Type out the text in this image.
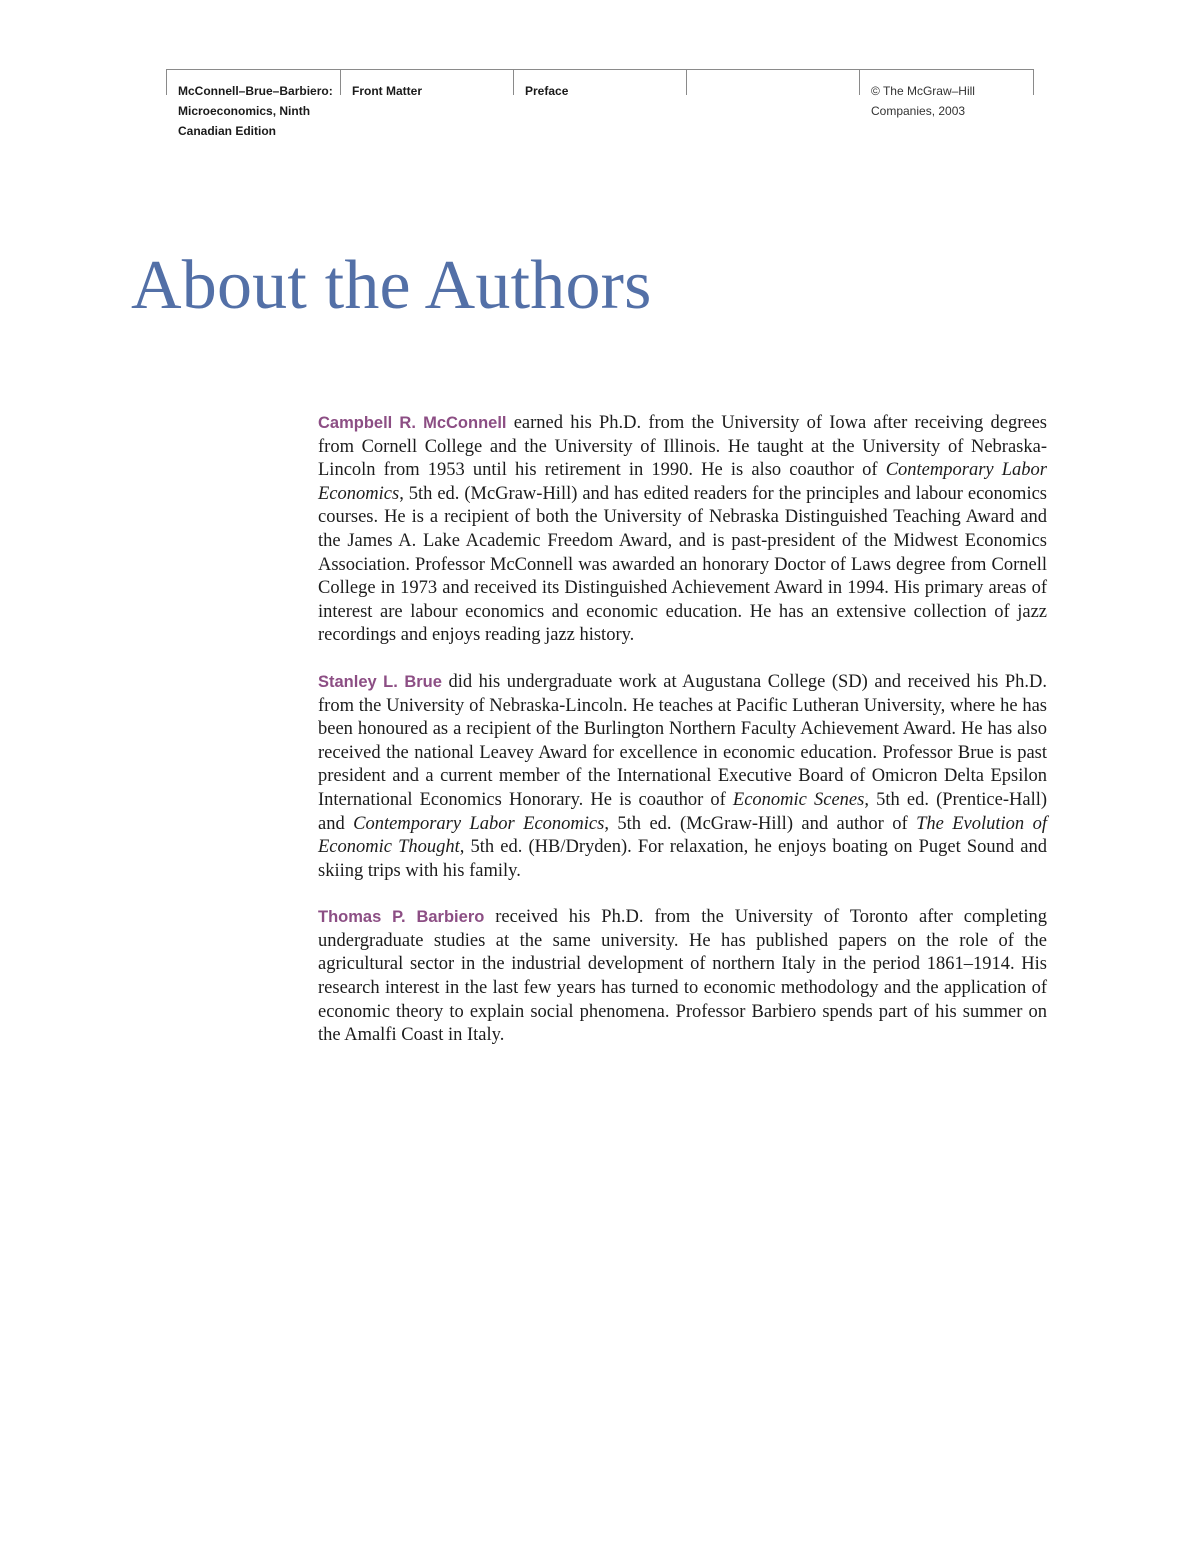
McConnell–Brue–Barbiero:
Microeconomics, Ninth
Canadian Edition
Front Matter	Preface	© The McGraw–Hill
Companies, 2003
About the Authors

Campbell R. McConnell earned his Ph.D. from the University of Iowa after receiving degrees from Cornell College and the University of Illinois. He taught at the University of Nebraska-Lincoln from 1953 until his retirement in 1990. He is also coauthor of Contemporary Labor Economics, 5th ed. (McGraw-Hill) and has edited readers for the principles and labour economics courses. He is a recipient of both the University of Nebraska Distinguished Teaching Award and the James A. Lake Academic Freedom Award, and is past-president of the Midwest Economics Association. Professor McConnell was awarded an honorary Doctor of Laws degree from Cornell College in 1973 and received its Distinguished Achievement Award in 1994. His primary areas of interest are labour economics and economic education. He has an extensive collection of jazz recordings and enjoys reading jazz history.

Stanley L. Brue did his undergraduate work at Augustana College (SD) and received his Ph.D. from the University of Nebraska-Lincoln. He teaches at Pacific Lutheran University, where he has been honoured as a recipient of the Burlington Northern Faculty Achievement Award. He has also received the national Leavey Award for excellence in economic education. Professor Brue is past president and a current member of the International Executive Board of Omicron Delta Epsilon International Economics Honorary. He is coauthor of Economic Scenes, 5th ed. (Prentice-Hall) and Contemporary Labor Economics, 5th ed. (McGraw-Hill) and author of The Evolution of Economic Thought, 5th ed. (HB/Dryden). For relaxation, he enjoys boating on Puget Sound and skiing trips with his family.

Thomas P. Barbiero received his Ph.D. from the University of Toronto after completing undergraduate studies at the same university. He has published papers on the role of the agricultural sector in the industrial development of northern Italy in the period 1861–1914. His research interest in the last few years has turned to economic methodology and the application of economic theory to explain social phenomena. Professor Barbiero spends part of his summer on the Amalfi Coast in Italy.
